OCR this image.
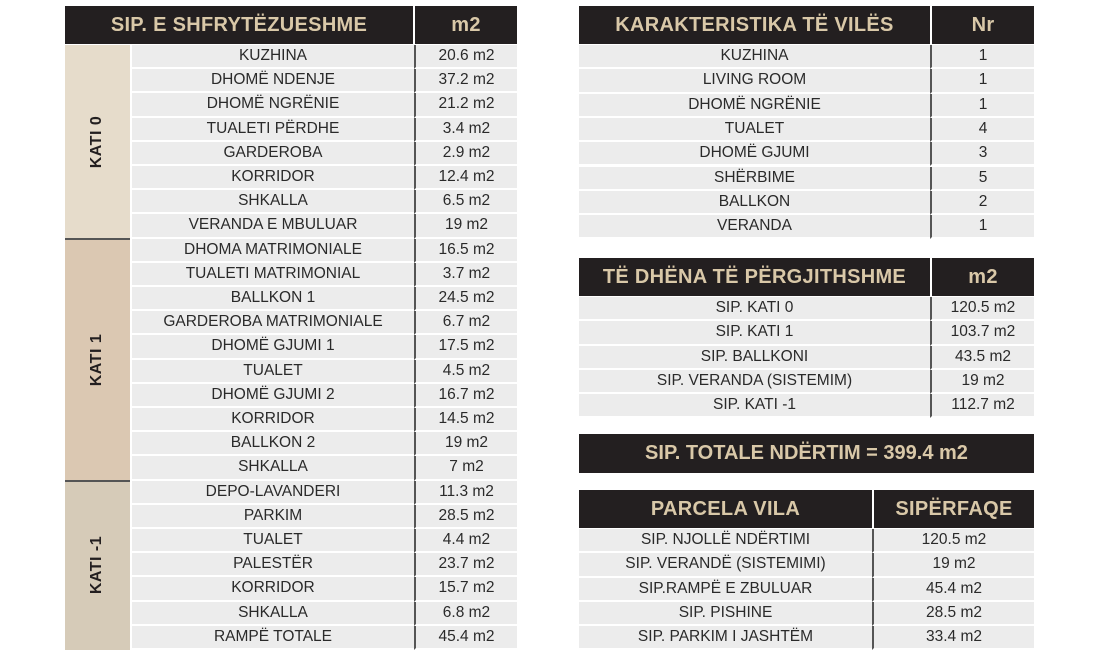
SIP. E SHFRYTËZUESHME	m2
KATI 0
KUZHINA	20.6 m2
DHOMË NDENJE	37.2 m2
DHOMË NGRËNIE	21.2 m2
TUALETI PËRDHE	3.4 m2
GARDEROBA	2.9 m2
KORRIDOR	12.4 m2
SHKALLA	6.5 m2
VERANDA E MBULUAR	19 m2
KATI 1
DHOMA MATRIMONIALE	16.5 m2
TUALETI MATRIMONIAL	3.7 m2
BALLKON 1	24.5 m2
GARDEROBA MATRIMONIALE	6.7 m2
DHOMË GJUMI 1	17.5 m2
TUALET	4.5 m2
DHOMË GJUMI 2	16.7 m2
KORRIDOR	14.5 m2
BALLKON 2	19 m2
SHKALLA	7 m2
KATI -1
DEPO-LAVANDERI	11.3 m2
PARKIM	28.5 m2
TUALET	4.4 m2
PALESTËR	23.7 m2
KORRIDOR	15.7 m2
SHKALLA	6.8 m2
RAMPË TOTALE	45.4 m2
KARAKTERISTIKA TË VILËS	Nr
KUZHINA	1
LIVING ROOM	1
DHOMË NGRËNIE	1
TUALET	4
DHOMË GJUMI	3
SHËRBIME	5
BALLKON	2
VERANDA	1
TË DHËNA TË PËRGJITHSHME	m2
SIP. KATI 0	120.5 m2
SIP. KATI 1	103.7 m2
SIP. BALLKONI	43.5 m2
SIP. VERANDA (SISTEMIM)	19 m2
SIP. KATI -1	112.7 m2
SIP. TOTALE NDËRTIM = 399.4 m2
PARCELA VILA	SIPËRFAQE
SIP. NJOLLË NDËRTIMI	120.5 m2
SIP. VERANDË (SISTEMIMI)	19 m2
SIP.RAMPË E ZBULUAR	45.4 m2
SIP. PISHINE	28.5 m2
SIP. PARKIM I JASHTËM	33.4 m2
